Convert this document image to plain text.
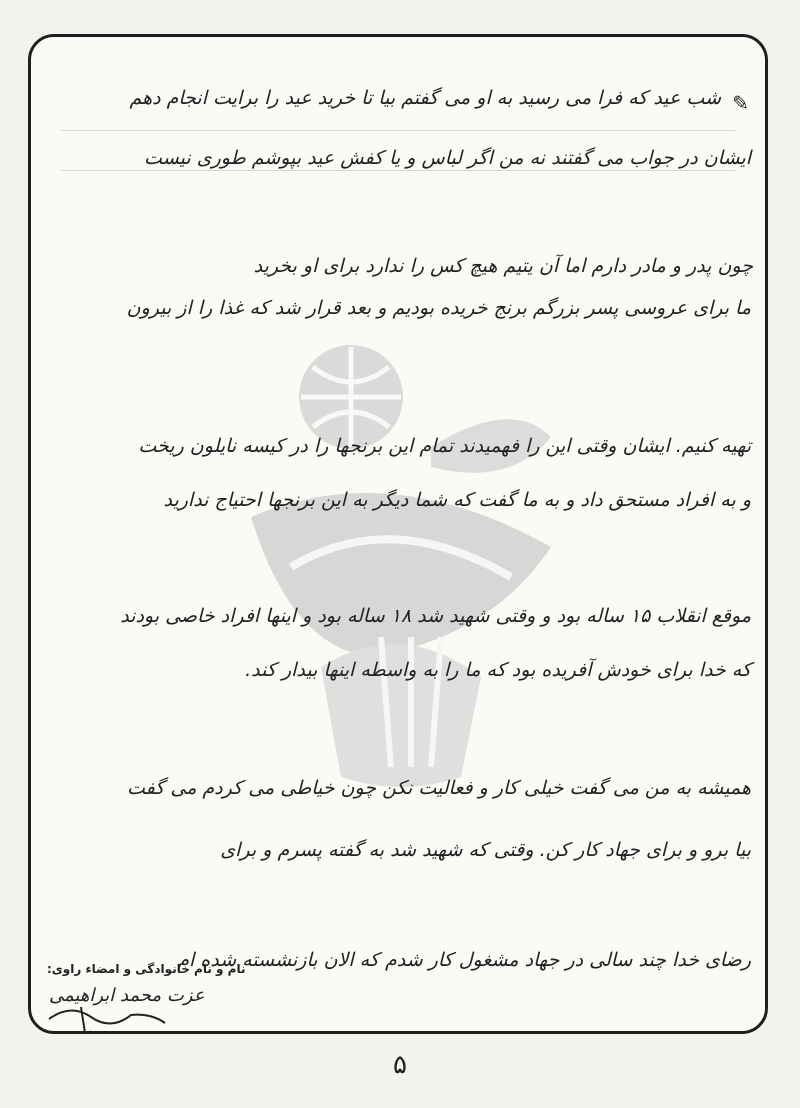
✎
شب عید که فرا می رسید به او می گفتم بیا تا خرید عید را برایت انجام دهم
ایشان در جواب می گفتند نه من اگر لباس و یا کفش عید بپوشم طوری نیست
چون پدر و مادر دارم اما آن یتیم هیچ کس را ندارد برای او بخرید
ما برای عروسی پسر بزرگم برنج خریده بودیم و بعد قرار شد که غذا را از بیرون
تهیه کنیم. ایشان وقتی این را فهمیدند تمام این برنجها را در کیسه نایلون ریخت
و به افراد مستحق داد و به ما گفت که شما دیگر به این برنجها احتیاج ندارید
موقع انقلاب ۱۵ ساله بود و وقتی شهید شد ۱۸ ساله بود و اینها افراد خاصی بودند
که خدا برای خودش آفریده بود که ما را به واسطه اینها بیدار کند.
همیشه به من می گفت خیلی کار و فعالیت نکن چون خیاطی می کردم می گفت
بیا برو و برای جهاد کار کن. وقتی که شهید شد به گفته پسرم و برای
رضای خدا چند سالی در جهاد مشغول کار شدم که الان بازنشسته شده ام
نام و نام خانوادگی و امضاء راوی:
عزت محمد ابراهیمی
۵
